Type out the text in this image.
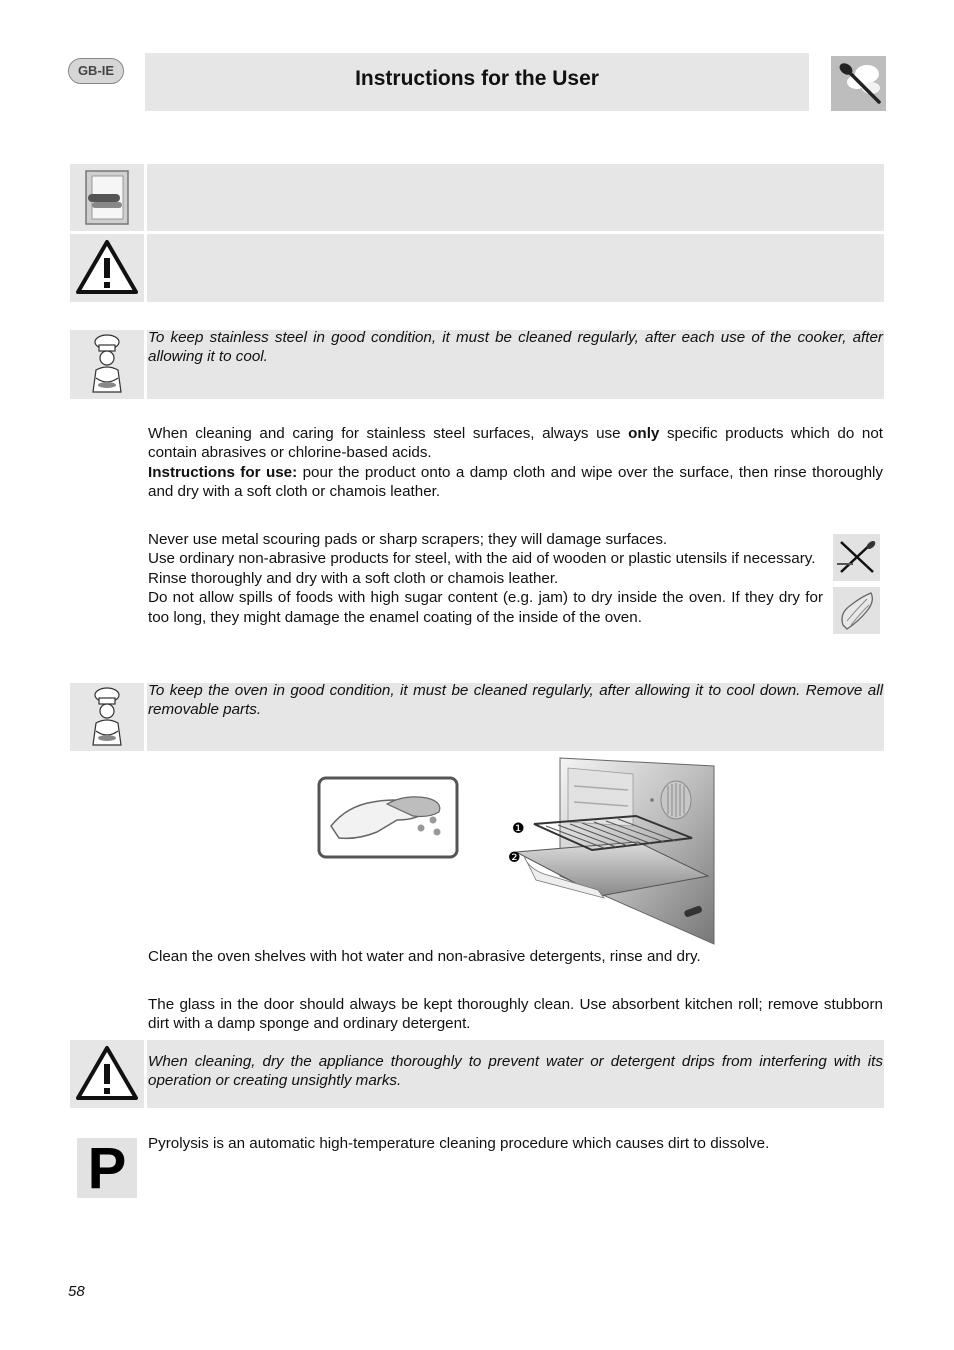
GB-IE	Instructions for the User
To keep stainless steel in good condition, it must be cleaned regularly, after each use of the cooker, after allowing it to cool.

When cleaning and caring for stainless steel surfaces, always use only specific products which do not contain abrasives or chlorine-based acids.

Instructions for use: pour the product onto a damp cloth and wipe over the surface, then rinse thoroughly and dry with a soft cloth or chamois leather.

Never use metal scouring pads or sharp scrapers; they will damage surfaces.

Use ordinary non-abrasive products for steel, with the aid of wooden or plastic utensils if necessary.

Rinse thoroughly and dry with a soft cloth or chamois leather.

Do not allow spills of foods with high sugar content (e.g. jam) to dry inside the oven. If they dry for too long, they might damage the enamel coating of the inside of the oven.

To keep the oven in good condition, it must be cleaned regularly, after allowing it to cool down. Remove all removable parts.
❶
❷
Clean the oven shelves with hot water and non-abrasive detergents, rinse and dry.
The glass in the door should always be kept thoroughly clean. Use absorbent kitchen roll; remove stubborn dirt with a damp sponge and ordinary detergent.
When cleaning, dry the appliance thoroughly to prevent water or detergent drips from interfering with its operation or creating unsightly marks.
P	Pyrolysis is an automatic high-temperature cleaning procedure which causes dirt to dissolve.
58
